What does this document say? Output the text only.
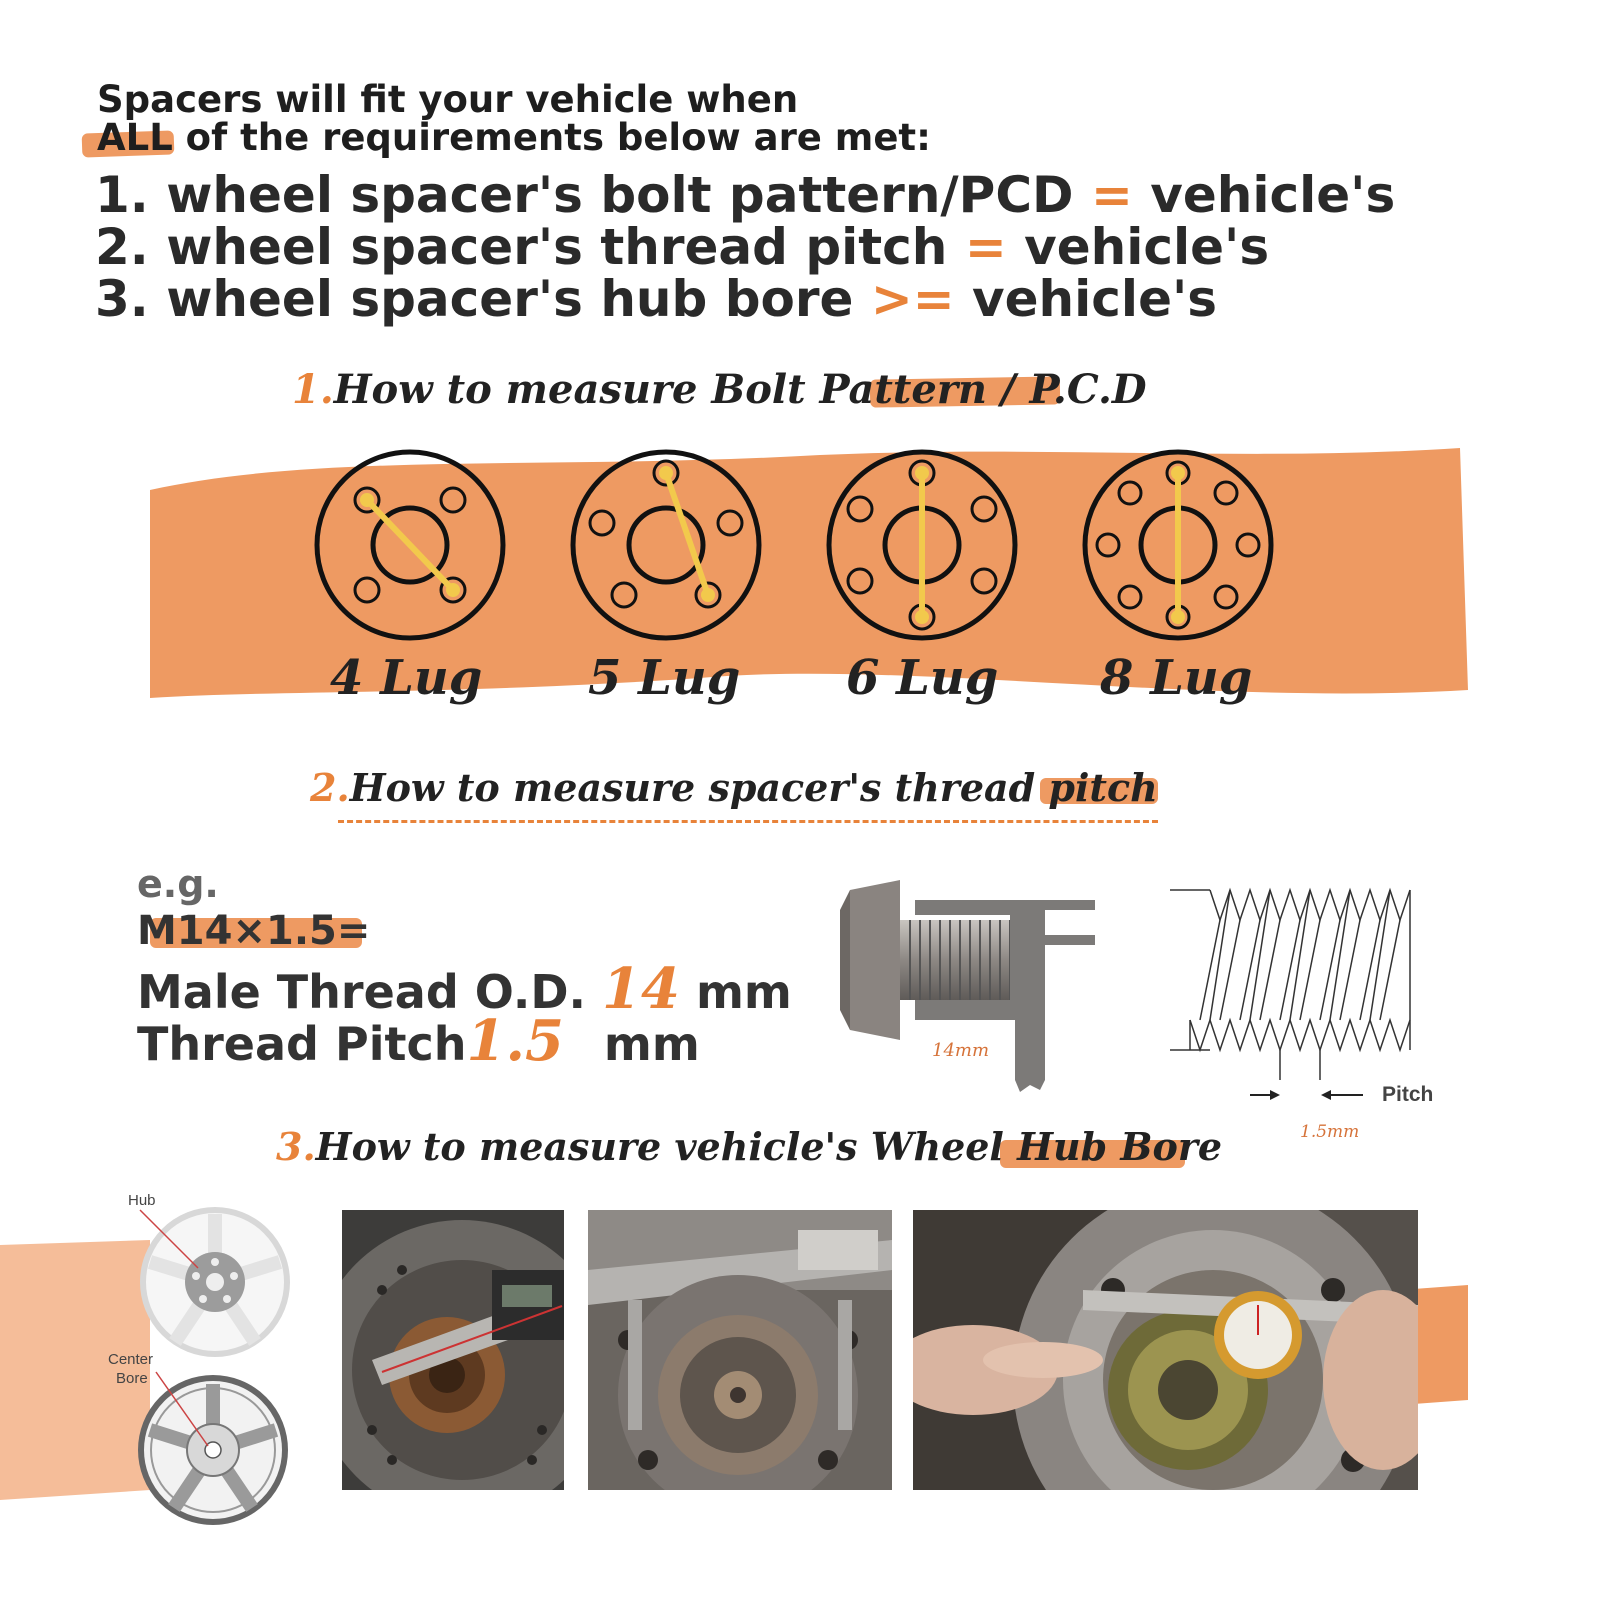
Spacers will fit your vehicle when
ALL of the requirements below are met:
1. wheel spacer's bolt pattern/PCD = vehicle's
2. wheel spacer's thread pitch = vehicle's
3. wheel spacer's hub bore >= vehicle's
1.How to measure Bolt Pattern / P.C.D
4 Lug 5 Lug 6 Lug 8 Lug
2.How to measure spacer's thread pitch
e.g.
M14×1.5=
Male Thread O.D. 14 mm
Thread Pitch1.5 mm	14mm
Pitch
1.5mm
3.How to measure vehicle's Wheel Hub Bore
Hub
Center
Bore
